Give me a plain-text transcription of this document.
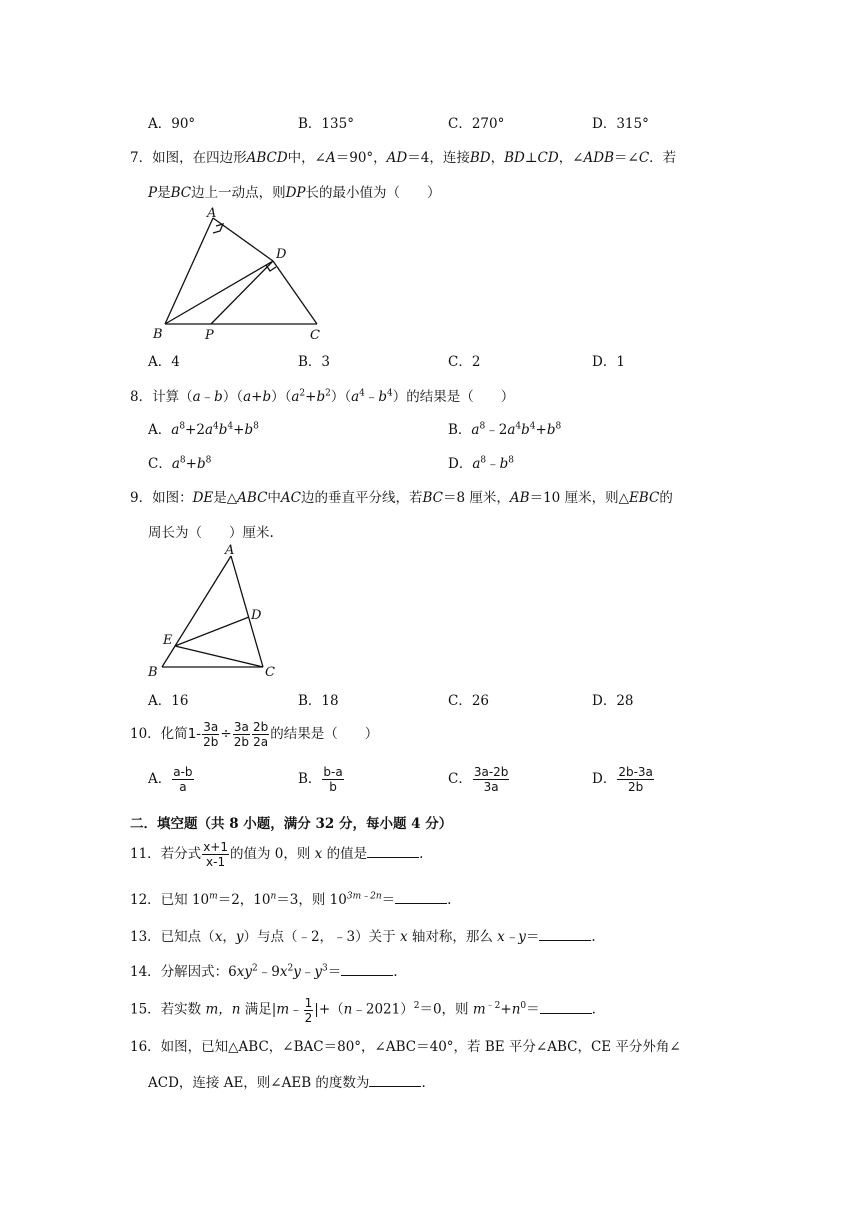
A．90°	B．135°	C．270°	D．315°
7．如图，在四边形ABCD中，∠A＝90°，AD＝4，连接BD，BD⊥CD，∠ADB＝∠C．若
P是BC边上一动点，则DP长的最小值为（　　）
A
D
B	P	C
A．4	B．3	C．2	D．1
8．计算$(a﹣b)(a+b)(a^2+b^2)(a^4﹣b^4)$的结果是（　　）
A．$a^8+2a^4b^4+b^8$	B．$a^8﹣2a^4b^4+b^8$
C．$a^8+b^8$	D．$a^8﹣b^8$
9．如图：DE是△ABC中AC边的垂直平分线，若BC＝8 厘米，AB＝10 厘米，则△EBC的
周长为（　　）厘米.
A
D
E
B	C
A．16	B．18	C．26	D．28
10．化简$1- \frac{3a}{2b} \div \frac{3a}{2b} \frac{2b}{2a}$ 的结果是（　　）
A． $\frac{a-b}{a}$	B． $\frac{b-a}{b}$	C． $\frac{3a-2b}{3a}$	D． $\frac{2b-3a}{2b}$
二．填空题（共 8 小题，满分 32 分，每小题 4 分）
11．若分式 $\frac{x+1}{x-1}$ 的值为 0，则 x 的值是	.
12．已知 $10^m=2$，$10^n=3$，则 $10^{3m﹣2n}=$	.
13．已知点（x，y）与点（﹣2，﹣3）关于 x 轴对称，那么 x﹣y＝	.
14．分解因式：$6xy^2﹣9x^2y﹣y^3=$	.
15．若实数 m，n 满足|m﹣ $\frac{1}{2}$ |+（n﹣2021）$^2$＝0，则 $m^{﹣2}+n^0=$	.
16．如图，已知△ABC，∠BAC＝80°，∠ABC＝40°，若 BE 平分∠ABC，CE 平分外角∠
ACD，连接 AE，则∠AEB 的度数为	.
